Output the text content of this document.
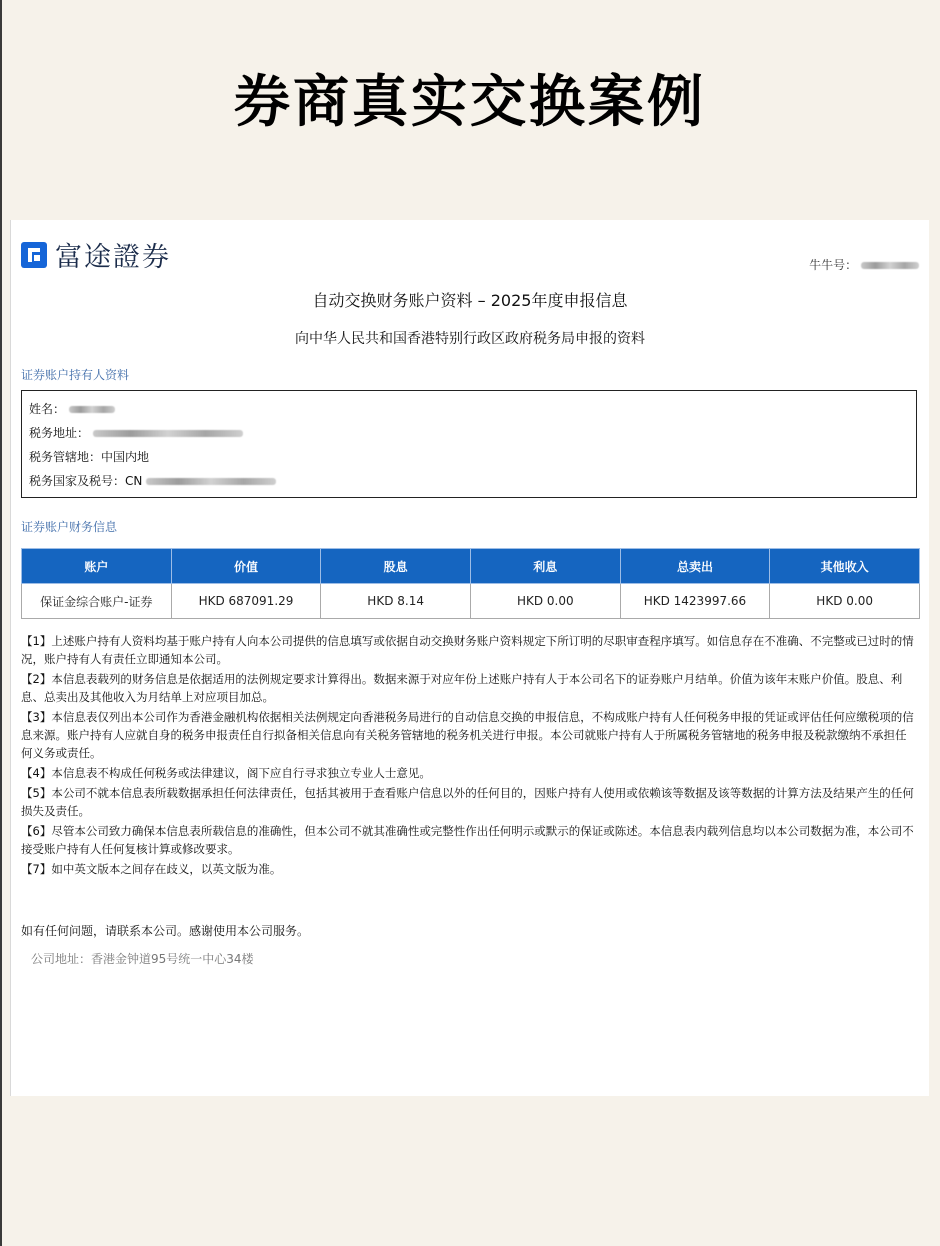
券商真实交换案例
富途證券	牛牛号：
自动交换财务账户资料 – 2025年度申报信息
向中华人民共和国香港特别行政区政府税务局申报的资料
证券账户持有人资料
姓名：
税务地址：
税务管辖地：中国内地
税务国家及税号：CN
证券账户财务信息
账户	价值	股息	利息	总卖出	其他收入
保证金综合账户-证券	HKD 687091.29	HKD 8.14	HKD 0.00	HKD 1423997.66	HKD 0.00

【1】上述账户持有人资料均基于账户持有人向本公司提供的信息填写或依据自动交换财务账户资料规定下所订明的尽职审查程序填写。如信息存在不准确、不完整或已过时的情况，账户持有人有责任立即通知本公司。

【2】本信息表载列的财务信息是依据适用的法例规定要求计算得出。数据来源于对应年份上述账户持有人于本公司名下的证券账户月结单。价值为该年末账户价值。股息、利息、总卖出及其他收入为月结单上对应项目加总。

【3】本信息表仅列出本公司作为香港金融机构依据相关法例规定向香港税务局进行的自动信息交换的申报信息，不构成账户持有人任何税务申报的凭证或评估任何应缴税项的信息来源。账户持有人应就自身的税务申报责任自行拟备相关信息向有关税务管辖地的税务机关进行申报。本公司就账户持有人于所属税务管辖地的税务申报及税款缴纳不承担任何义务或责任。

【4】本信息表不构成任何税务或法律建议，阁下应自行寻求独立专业人士意见。

【5】本公司不就本信息表所载数据承担任何法律责任，包括其被用于查看账户信息以外的任何目的，因账户持有人使用或依赖该等数据及该等数据的计算方法及结果产生的任何损失及责任。

【6】尽管本公司致力确保本信息表所载信息的准确性，但本公司不就其准确性或完整性作出任何明示或默示的保证或陈述。本信息表内载列信息均以本公司数据为准，本公司不接受账户持有人任何复核计算或修改要求。

【7】如中英文版本之间存在歧义，以英文版为准。

如有任何问题，请联系本公司。感谢使用本公司服务。
公司地址：香港金钟道95号统一中心34楼
